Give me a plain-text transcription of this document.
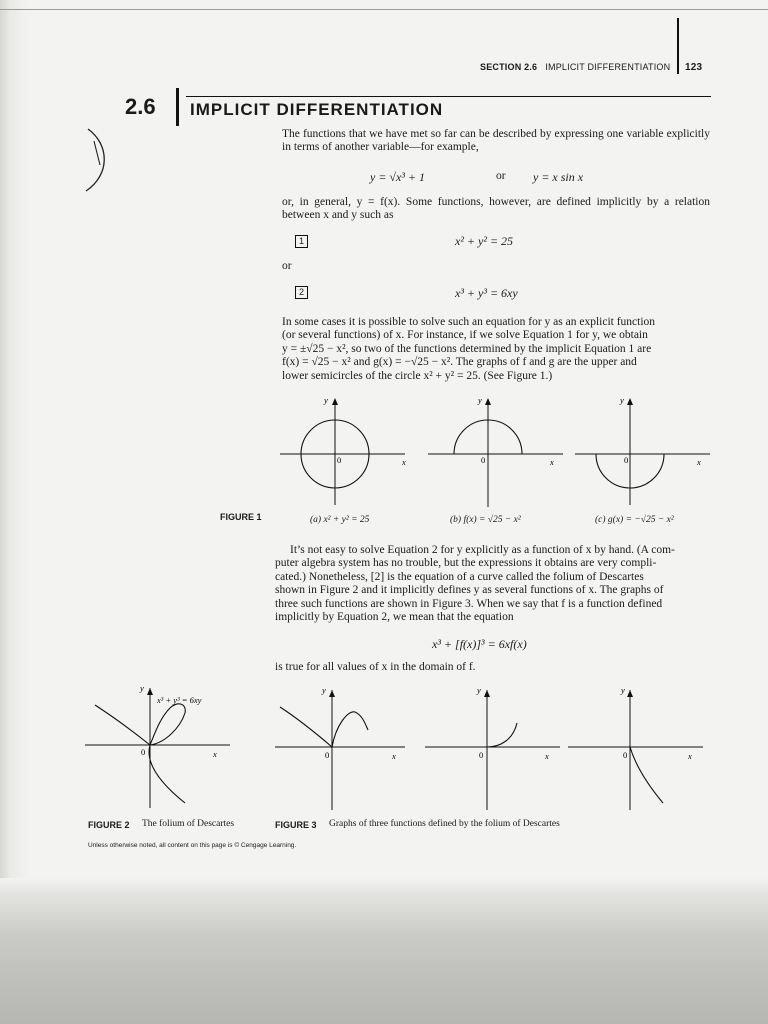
SECTION 2.6 IMPLICIT DIFFERENTIATION 123
2.6 IMPLICIT DIFFERENTIATION

The functions that we have met so far can be described by expressing one variable explicitly in terms of another variable—for example,

y = √x³ + 1	or y = x sin x

or, in general, y = f(x). Some functions, however, are defined implicitly by a relation between x and y such as

1	x² + y² = 25
or
2	x³ + y³ = 6xy
In some cases it is possible to solve such an equation for y as an explicit function
(or several functions) of x. For instance, if we solve Equation 1 for y, we obtain
y = ±√25 − x², so two of the functions determined by the implicit Equation 1 are
f(x) = √25 − x² and g(x) = −√25 − x². The graphs of f and g are the upper and
lower semicircles of the circle x² + y² = 25. (See Figure 1.)
FIGURE 1
y
0	x
y
0	x
y
0	x
(a) x² + y² = 25	(b) f(x) = √25 − x²	(c) g(x) = −√25 − x²
It’s not easy to solve Equation 2 for y explicitly as a function of x by hand. (A com-
puter algebra system has no trouble, but the expressions it obtains are very compli-
cated.) Nonetheless, [2] is the equation of a curve called the folium of Descartes
shown in Figure 2 and it implicitly defines y as several functions of x. The graphs of
three such functions are shown in Figure 3. When we say that f is a function defined
implicitly by Equation 2, we mean that the equation
x³ + [f(x)]³ = 6xf(x)

is true for all values of x in the domain of f.

y
0	x
x³ + y³ = 6xy
FIGURE 2 The folium of Descartes
y
0	x
y
0	x
y
0	x
FIGURE 3 Graphs of three functions defined by the folium of Descartes
Unless otherwise noted, all content on this page is © Cengage Learning.
